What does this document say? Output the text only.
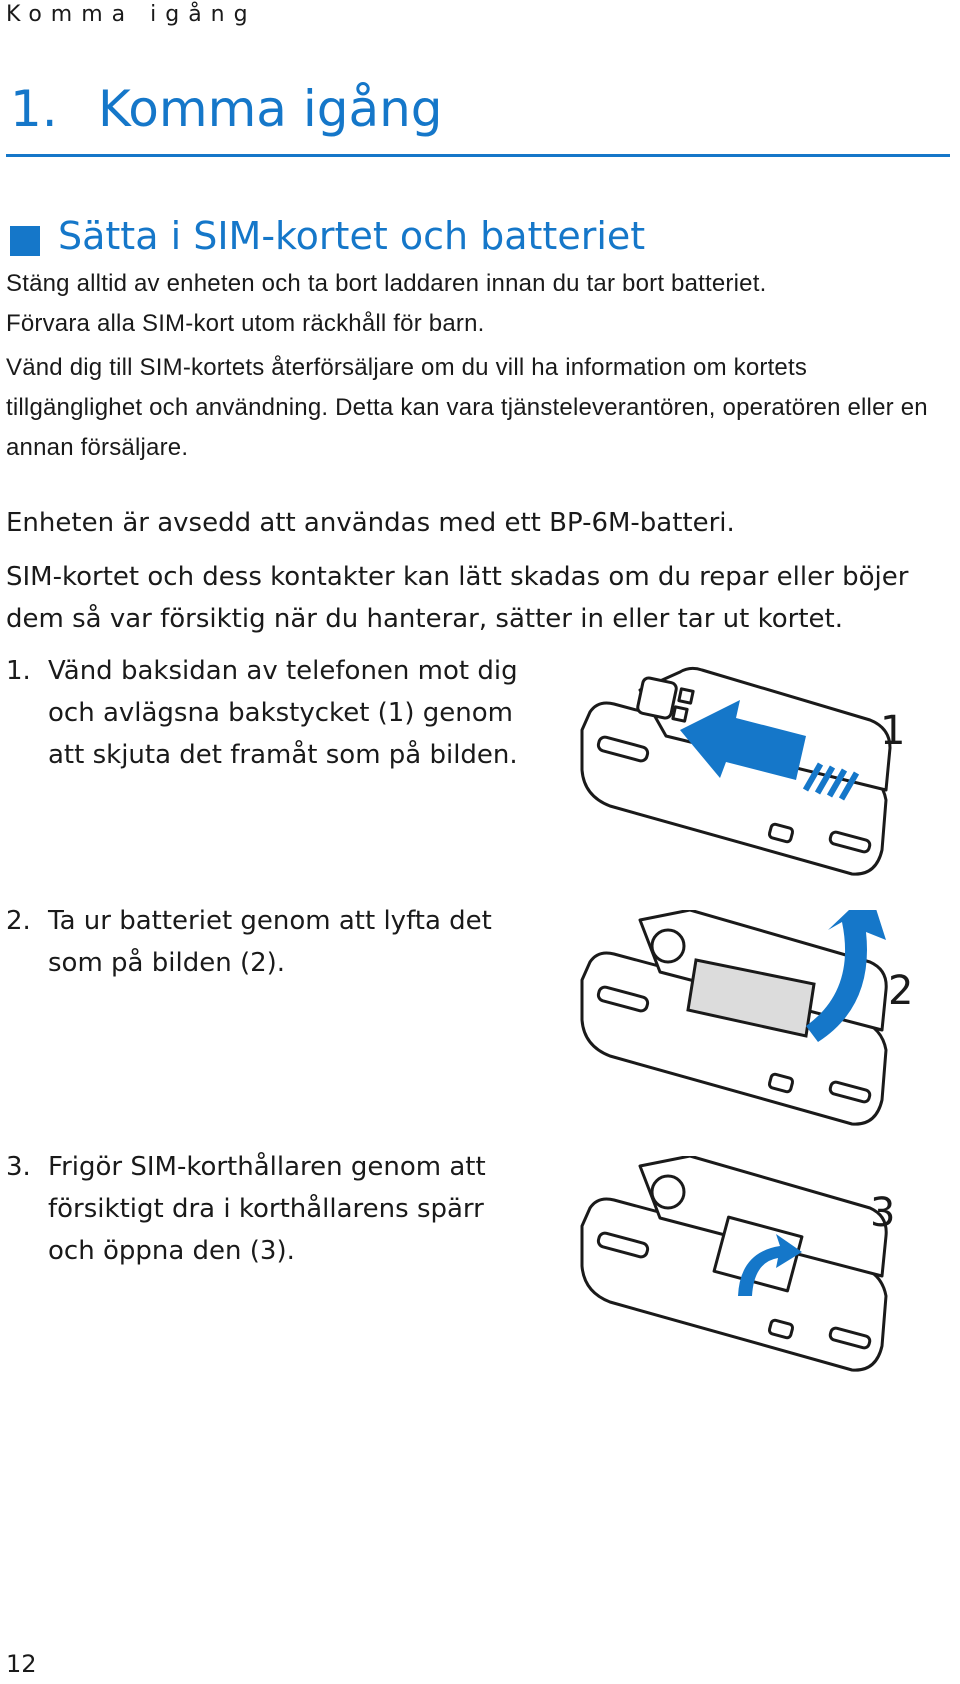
Komma igång
1. Komma igång
Sätta i SIM-kortet och batteriet
Stäng alltid av enheten och ta bort laddaren innan du tar bort batteriet.
Förvara alla SIM-kort utom räckhåll för barn.
Vänd dig till SIM-kortets återförsäljare om du vill ha information om kortets tillgänglighet och användning. Detta kan vara tjänsteleverantören, operatören eller en annan försäljare.
Enheten är avsedd att användas med ett BP-6M-batteri.
SIM-kortet och dess kontakter kan lätt skadas om du repar eller böjer dem så var försiktig när du hanterar, sätter in eller tar ut kortet.
1. Vänd baksidan av telefonen mot dig och avlägsna bakstycket (1) genom att skjuta det framåt som på bilden.
1
2. Ta ur batteriet genom att lyfta det som på bilden (2).
2
3. Frigör SIM-korthållaren genom att försiktigt dra i korthållarens spärr och öppna den (3).
3
12
